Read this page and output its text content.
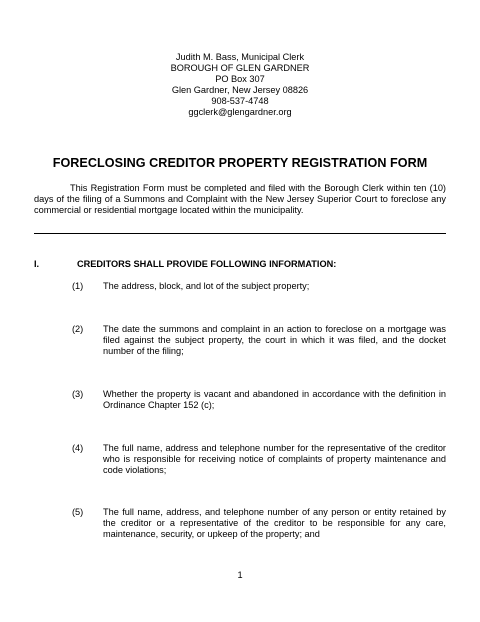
Judith M. Bass, Municipal Clerk
BOROUGH OF GLEN GARDNER
PO Box 307
Glen Gardner, New Jersey 08826
908-537-4748
ggclerk@glengardner.org
FORECLOSING CREDITOR PROPERTY REGISTRATION FORM
This Registration Form must be completed and filed with the Borough Clerk within ten (10) days of the filing of a Summons and Complaint with the New Jersey Superior Court to foreclose any commercial or residential mortgage located within the municipality.
I.	CREDITORS SHALL PROVIDE FOLLOWING INFORMATION:
(1) The address, block, and lot of the subject property;
(2) The date the summons and complaint in an action to foreclose on a mortgage was filed against the subject property, the court in which it was filed, and the docket number of the filing;
(3) Whether the property is vacant and abandoned in accordance with the definition in Ordinance Chapter 152 (c);
(4) The full name, address and telephone number for the representative of the creditor who is responsible for receiving notice of complaints of property maintenance and code violations;
(5) The full name, address, and telephone number of any person or entity retained by the creditor or a representative of the creditor to be responsible for any care, maintenance, security, or upkeep of the property; and
1
